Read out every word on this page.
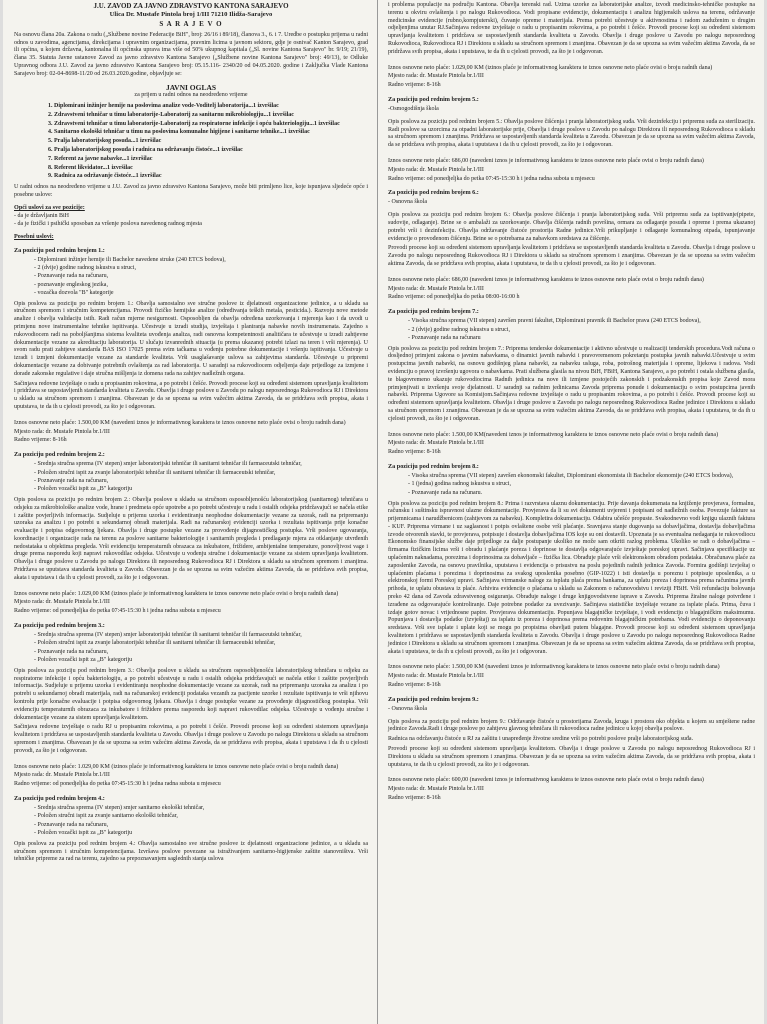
J.U. ZAVOD ZA JAVNO ZDRAVSTVO KANTONA SARAJEVO
Ulica Dr. Mustafe Pintola broj 1/III 71210 Ilidža-Sarajevo
S A R A J E V O

Na osnovu člana 20a. Zakona o radu („Službene novine Federacije BiH", broj: 26/16 i 89/18), članova 3., 6. i 7. Uredbe o postupku prijema u radni odnos u zavodima, agencijama, direkcijama i upravnim organizacijama, pravnim licima u javnom sektoru, gdje je osnivač Kanton Sarajevo, grad ili općina, u kojem državna, kantonalna ili općinska uprava ima više od 50% ukupnog kapitala („Sl. novine Kantona Sarajevo" br. 9/19; 21/19), člana 35. Statuta Javne ustanove Zavod za javno zdravstvo Kantona Sarajevo („Službene novine Kantona Sarajevo" broj: 49/13), te Odluke Upravnog odbora J.U. Zavod za javno zdravstvo Kantona Sarajevo broj: 05.15.116- 2340/20 od 04.05.2020. godine i Zaključka Vlade Kantona Sarajevo broj: 02-04-8698-11/20 od 26.03.2020.godine, objavljuje se:

JAVNI OGLAS
za prijem u radni odnos na neodređeno vrijeme
1. Diplomirani inžinjer hemije na poslovima analize vode-Voditelj laboratorija...1 izvršilac
2. Zdravstveni tehničar u timu laboratorije-Laboratorij za sanitarnu mikrobiologiju...1 izvršilac
3. Zdravstveni tehničar u timu laboratorije-Laboratorij za respiratorne infekcije i opću bakteriologiju...1 izvršilac
4. Sanitarno ekološki tehničar u timu na poslovima komunalne higijene i sanitarne tehnike...1 izvršilac
5. Pralja laboratorijskog posuđa...1 izvršilac
6. Pralja laboratorijskog posuđa i radnica na održavanju čistoće...1 izvršilac
7. Referent za javne nabavke...1 izvršilac
8. Referent likvidator...1 izvršilac
9. Radnica za održavanje čistoće...1 izvršilac

U radni odnos na neodređeno vrijeme u J.U. Zavod za javno zdravstvo Kantona Sarajevo, može biti primljeno lice, koje ispunjava sljedeće opće i posebne uslove:

Opći uslovi za sve pozicije:
- da je državljanin BiH
- da je fizički i psihički sposoban za vršenje poslova navedenog radnog mjesta
Posebni uslovi:
Za poziciju pod rednim brojem 1.:
- Diplomirani inžinjer hemije ili Bachelor navedene struke (240 ETCS bodova),
- 2 (dvije) godine radnog iskustva u struci,
- Poznavanje rada na računaru,
- poznavanje engleskog jezika,
- vozačka dozvola "B" kategorije

Opis poslova za poziciju po rednim brojem 1.: Obavlja samostalno sve stručne poslove iz djelatnosti organizacione jedinice, a u skladu sa stručnom spremom i stručnim kompetencijama. Provodi fizičko hemijske analize (određivanja teških metala, pesticida.). Razvoju nove metode analize i obavlja validaciju istih. Radi račun mjerne nesigurnosti. Osposobljen da obavlja određena uzorkovanja i mjerenja kao i da uvodi u primjenu nove instrumentalne tehnike ispitivanja. Učestvuje u izradi studija, izvještaja i planiranja nabavke novih instrumenata. Zajedno s rukovodiocem radi na poboljšanjima sistema kvaliteta uvođenja analiza, radi osnovna kompetentnosti analitičara te učestvuje u izradi zahtjevne dokumentacije vezane za akreditaciju laboratorija. U slučaju izvanrednih situacija (u prema ukazanoj potrebi izlazi na teren i vrši mjerenja). U svom radu prati zahtjeve standarda BAS ISO 17025 prema svim tačkama u vođenju potrebne dokumentacije i vršenju ispitivanja. Učestvuje u izradi i izmjeni dokumentacije vezane za standarde kvaliteta. Vrši usaglašavanje uslova sa zahtjevima standarda. Učestvuje u pripremi dokumentacije vezane za dobivanje potrebnih ovlaštenja za rad laboratorija. U saradnji sa rukovodiocem odjeljenja daje prijedloge za izmjene i dorade zakonske regulative i daje stručna mišljenja iz domena rada na zahtjev nadležnih organa.

Sačinjava redovne izvještaje o radu u propisanim rokovima, a po potrebi i češće. Provodi procese koji su određeni sistemom upravljanja kvalitetom i pridržava se uspostavljenih standarda kvaliteta u Zavodu. Obavlja i druge poslove u Zavodu po nalogu neposrednoga Rukovodioca RJ i Direktora u skladu sa stručnom spremom i znanjima. Obavezan je da se upozna sa svim važećim aktima Zavoda, da se pridržava svih propisa, akata i uputstava, te da ih u cjelosti provodi, za što je i odgovoran.

Iznos osnovne neto plaće: 1.500,00 KM (navedeni iznos je informativnog karaktera te iznos osnovne neto plaće ovisi o broju radnih dana)
Mjesto rada: dr. Mustafe Pintola br.1/III
Radno vrijeme: 8-16h
Za poziciju pod rednim brojem 2.:
- Srednja stručna sprema (IV stepen) smjer laboratorijski tehničar ili sanitarni tehničar ili farmaceutski tehničar,
- Položen stručni ispit za zvanje laboratorijski tehničar ili sanitarni tehničar ili farmaceutski tehničar,
- Poznavanje rada na računaru,
- Položen vozački ispit za „B" kategoriju

Opis poslova za poziciju po rednim brojem 2.: Obavlja poslove u skladu sa stručnom osposobljenošću laboratorijskog (sanitarnog) tehničara u odsjeku za mikrobiološke analize vode, hrane i predmeta opće upotrebe a po potrebi učestvuje u radu i ostalih odsjeka pridržavajući se načela etike i zaštite povjerljivih informacija. Sudjeluje u prijemu uzorka i evidentiranju neophodne dokumentacije vezane za uzorak, radi na pripremanju uzoraka za analizu i po potrebi u sekundarnoj obradi materijala. Radi na računarskoj evidenciji uzorka i rezultata ispitivanja prije konačne evaluacije i potpisa odgovornog ljekara. Obavlja i druge postupke vezane za provođenje dijagnostičkog postupka. Vrši poslove ugovaranja, koordinacije i organizacije rada na terenu za poslove sanitarne bakteriologije i sanitarnih pregleda i predlaganje mjera za otklanjanje utvrđenih nedostataka u objektima pregleda. Vrši evidenciju temperaturnih obrazaca za inkubatore, frižidere, ambijentalne temperature, ponovljivost vage i druge prema rasporedu koji napravi rukovodilac odsjeka. Učestvuje u vođenju stručne i dokumentacije vezane za sistem upravljanja kvalitetom. Obavlja i druge poslove u Zavodu po nalogu Direktora ili neposrednog Rukovodioca RJ i Direktora u skladu sa stručnom spremom i znanjima. Pridržava se uputstava standarda kvaliteta u Zavodu. Obavezan je da se upozna sa svim važećim aktima Zavoda, da se pridržava svih propisa, akata i uputstava i da ih u cjelosti provodi, za što je i odgovoran.

Iznos osnovne neto plaće: 1.029,00 KM (izinos plaće je informativnog karaktera te iznos osnovne neto plaće ovisi o broju radnih dana)
Mjesto rada: dr. Mustafe Pintola br.1/III
Radno vrijeme: od ponedjeljka do petka 07:45-15:30 h i jedna radna subota u mjesecu
Za poziciju pod rednim brojem 3.:
- Srednja stručna sprema (IV stepen) smjer laboratorijski tehničar ili sanitarni tehničar ili farmaceutski tehničar,
- Položen stručni ispit za zvanje laboratorijski tehničar ili sanitarni tehničar ili farmaceutski tehničar,
- Poznavanje rada na računaru,
- Položen vozački ispit za „B" kategoriju

Opis poslova za poziciju pod rednim brojem 3.: Obavlja poslove u skladu sa stručnom osposobljenošću laboratorijskog tehničara u odjeku za respiratorne infekcije i opću bakteriologiju, a po potrebi učestvuje u radu i ostalih odsjeka pridržavajući se načela etike i zaštite povjerljivih informacija. Sudjeluje u prijemu uzorka i evidentiranju neophodne dokumentacije vezane za uzorak, radi na pripremanju uzoraka za analizu i po potrebi u sekundarnoj obradi materijala, radi na računarskoj evidenciji podataka vezanih za pacijente uzorke i rezultate ispitivanja te vrši njihovu kontrolu prije konačne evaluacije i potpisa odgovornog ljekara. Obavlja i druge postupke vezane za provođenje dijagnostičkog postupka. Vrši evidenciju temperaturnih obrazaca za inkubatore i frižidere prema rasporedu koji napravi rukovodilac odsjeka. Učestvuje u vođenju stručne i dokumentacije vezane za sistem upravljanja kvalitetom.

Sačinjava redovne izvještaje o radu RJ u propisanim rokovima, a po potrebi i češće. Provodi procese koji su određeni sistemom upravljanja kvalitetom i pridržava se uspostavljenih standarda kvaliteta u Zavodu. Obavlja i druge poslove u Zavodu po nalogu Direktora u skladu sa stručnom spremom i znanjima. Obavezan je da se upozna sa svim važećim aktima Zavoda, da se pridržava svih propisa, akata i uputstava i da ih u cjelosti provodi, za što je i odgovoran.

Iznos osnovne neto plaće: 1.029,00 KM (izinos plaće je informativnog karaktera te iznos osnovne neto plaće ovisi o broju radnih dana)
Mjesto rada: dr. Mustafe Pintola br.1/III
Radno vrijeme: od ponedjeljka do petka 07:45-15:30 h i jedna radna subota u mjesecu
Za poziciju pod rednim brojem 4.:
- Srednja stručna sprema (IV stepen) smjer sanitarno ekološki tehničar,
- Položen stručni ispit za zvanje sanitarno ekološki tehničar,
- Poznavanje rada na računaru,
- Položen vozački ispit za „B" kategoriju

Opis poslova za poziciju pod rednim brojem 4.: Obavlja samostalno sve stručne poslove iz djelatnosti organizacione jedinice, a u skladu sa stručnom spremom i stručnim kompetencijama. Izvršava poslove povezane sa istraživanjem sanitarno-higijenske zaštite stanovništva. Vrši tehničke pripreme za rad na terenu, zajedno sa prepoznavanjem saglednih stanja uslova

i problema populacije na području Kantona. Obavlja terenski rad. Uzima uzorke za laboratorijske analize, izvodi medicinsko-tehničke postupke na terenu u okviru ovlaštenja i po nalogu Rukovodioca. Vodi propisane evidencije, dokumentaciju i analizu higijenskih uslova na terenu, održavanje medicinske evidencije (rubno,kompjuterski), čuvanje opreme i materijala. Prema potrebi učestvuje u aktivnostima i radom zaduženim u drugim odjeljenjima unutar RJ.Sačinjava redovne izvještaje o radu u propisanim rokovima, a po potrebi i češće. Provodi procese koji su određeni sistemom upravljanja kvalitetom i pridržava se uspostavljenih standarda kvaliteta u Zavodu. Obavlja i druge poslove u Zavodu po nalogu neposrednog Rukovodioca, Rukovodioca RJ i Direktora u skladu sa stručnom spremom i znanjima. Obavezan je da se upozna sa svim važećim aktima Zavoda, da se pridržava svih propisa, akata i uputstava, te da ih u cjelosti provodi, za što je i odgovoran.

Iznos osnovne neto plaće: 1.029,00 KM (izinos plaće je informativnog karaktera te iznos osnovne neto plaće ovisi o broju radnih dana)
Mjesto rada: dr. Mustafe Pintola br.1/III
Radno vrijeme: 8-16h
Za poziciju pod rednim brojem 5.:
-Osmogodišnja škola

Opis poslova za poziciju pod rednim brojem 5.: Obavlja poslove čišćenja i pranja laboratorijskog suđa. Vrši dezinfekciju i pripremu suđa za sterilizaciju. Radi poslove sa uzorcima za otpadni laboratorijske prije, Obavlja i druge poslove u Zavodu po nalogu Direktora ili neposrednog Rukovodioca u skladu sa stručnom spremom i znanjima. Pridržava se uspostavljenih standarda kvaliteta u Zavodu. Obavezan je da se upozna sa svim važećim aktima Zavoda, da se pridržava svih propisa, akata i uputstava i da ih u cjelosti provodi, za što je i odgovoran.

Iznos osnovne neto plaće: 686,00 (navedeni iznos je informativnog karaktera te iznos osnovne neto plaće ovisi o broju radnih dana)
Mjesto rada: dr. Mustafe Pintola br.1/III
Radno vrijeme: od ponedjeljka do petka 07:45-15:30 h i jedna radna subota u mjesecu
Za poziciju pod rednim brojem 6.:
- Osnovna škola

Opis poslova za poziciju pod rednim brojem 6.: Obavlja poslove čišćenja i pranja laboratorijskog suđa. Vrši pripremu suđa za ispitivanje(pipete, sudovije, odlaganje). Brine se o ambalaži za uzorkovanje. Obavlja čišćenja radnih površina, ormara za odlaganje posuđa i opreme i prema ukazanoj potrebi vrši i dezinfekciju. Obavlja održavanje čistoće prostorija Radne jedinice.Vrši prikupljanje i odlaganje komunalnog otpada, ispunjavanje evidencije o provođenom čišćenju. Brine se o potrebama za nabavkom sredstava za čišćenje.

Provodi procese koji su određeni sistemom upravljanja kvalitetom i pridržava se uspostavljenih standarda kvaliteta u Zavodu. Obavlja i druge poslove u Zavodu po nalogu neposrednog Rukovodioca RJ i Direktora u skladu sa stručnom spremom i znanjima. Obavezan je da se upozna sa svim važećim aktima Zavoda, da se pridržava svih propisa, akata i uputstava, te da ih u cjelosti provodi, za što je i odgovoran.

Iznos osnovne neto plaće: 686,00 (navedeni iznos je informativnog karaktera te iznos osnovne neto plaće ovisi o broju radnih dana)
Mjesto rada: dr. Mustafe Pintola br.1/III
Radno vrijeme: od ponedjeljka do petka 08:00-16:00 h
Za poziciju pod rednim brojem 7.:
- Visoka stručna sprema (VII stepen) završen pravni fakultet, Diplomirani pravnik ili Bachelor prava (240 ETCS bodova),
- 2 (dvije) godine radnog iskustva u struci,
- Poznavanje rada na računaru

Opis poslova za poziciju pod rednim brojem 7.: Priprema tenderske dokumentacije i aktivno učestvuje u realizaciji tenderskih procedura.Vodi računa o dosljednoj primjeni zakona o javnim nabavkama, o dinamici javnih nabavki i pravovremenom pokretanju postupka javnih nabavki.Učestvuje u svim postupcima javnih nabavki, na osnovu godišnjeg plana nabavki, za nabavku usluga, roba, potrošnog materijala i opreme, lijekova i radova. Vodi evidenciju o pravoj izvršenju ugovora o nabavkama. Prati službena glasila na nivou BiH, FBiH, Kantona Sarajevo, a po potrebi i ostala službena glasila, te blagovremeno ukazuje rukovodiocima Radnih jedinica na nove ili izmjene postojećih zakonskih i podzakonskih propisa koje Zavod mora primjenjivati u izvršenju svoje djelatnosti. U saradnji sa radnim jedinicama Zavoda priprema ponude i dokumentaciju o svim postupcima javnih nabavki. Priprema Ugovore sa Komisijom.Sačinjava redovne izvještaje o radu u propisanim rokovima, a po potrebi i češće. Provodi procese koji su određeni sistemom upravljanja kvalitetom. Obavlja i druge poslove u Zavodu po nalogu neposrednog Rukovodioca Radne jedinice i Direktora u skladu sa stručnom spremom i znanjima. Obavezan je da se upozna sa svim važećim aktima Zavoda, da se pridržava svih propisa, akata i uputstava, te da ih u cjelosti provodi, za što je i odgovoran.

Iznos osnovne neto plaće: 1.500,00 KM(navedeni iznos je informativnog karaktera te iznos osnovne neto plaće ovisi o broju radnih dana)
Mjesto rada: dr. Mustafe Pintola br.1/III
Radno vrijeme: 8-16h
Za poziciju pod rednim brojem 8.:
- Visoka stručna sprema (VII stepen) završen ekonomski fakultet, Diplomirani ekonomista ili Bachelor ekonomije (240 ETCS bodova),
- 1 (jedna) godina radnog iskustva u struci,
- Poznavanje rada na računaru.

Opis poslova za poziciju pod rednim brojem 8.: Prima i razvrstava ulaznu dokumentaciju. Prije davanja dokumenata na knjiženje provjerava, formalnu, računsku i suštinsku ispravnost ulazne dokumentacije. Provjerava da li su svi dokumenti uvjereni i potpisani od nadležnih osoba. Povezuje fakture sa prijemnicama i narudžbenicom (zahtjevom za nabavku). Kompletira dokumentaciju. Odabira učešće propuste. Svakodnevno vodi knjigu ulaznih faktura - KUF. Priprema virmane i uz saglasnost i potpis ovlaštene osobe vrši plaćanje. Sravnjava stanje dugovanja sa dobavljačima, dostavlja dobavljačima izvode otvorenih stavki, te provjerava, potpisuje i dostavlja dobavljačima IOS koje su oni dostavili. Upoznata je sa eventualna nedaganja te rukovodiocu Ekonomsko finansijske službe daje prijedloge za dalje postupanje ukoliko ne može sam otkriti razlog problema. Ukoliko se radi o dobavljačima – firmama fizičkim licima vrši i obradu i plaćanje poreza i doprinose te dostavlja odgovarajuće izvještaje poreskoj upravi. Sačinjava specifikacije uz uplaćenim naknadama, porezima i doprinosima za dobavljače – fizička lica. Obrađuje plaće vrši elektronskom obradom podataka. Obračunava plaće za zaposlenike Zavoda, na osnovu pravilnika, uputstava i evidencija o prisustvu na poslu pojedinih radnih jedinica Zavoda. Formira godišnji izvještaj o uplaćenim plaćama i porezima i doprinosima za svakog uposlenika posebno (GIP-1022) i isti dostavlja u poreznu i potpisuje uposlenika, a u elektronskoj formi Poreskoj upravi. Sačinjava virmanske naloge za isplatu plaća prema bankama, za uplatu poreza i doprinosa prema računima javnih prihoda, te uplatu obustava iz plaće. Arhivira evidencije o plaćama u skladu sa Zakonom o računovodstvu i reviziji FBiH. Vrši refundaciju bolovanja preko 42 dana od Zavoda zdravstvenog osiguranja. Obrađuje naloge i druge knjigovodstvene isprave u Zavodu. Priprema žiralne naloge potvrđene i izrađene za odgovarajuće kontroliranje. Daje potrebne podatke za uvezivanje. Sačinjava statističke izvještaje vezane za isplate plaća. Prima, čuva i izdaje gotov novac i vrijednosne papire. Provjerava dokumentaciju. Popunjava blagajničke izvještaje, i vodi evidenciju o blagajničkim maksimumu. Popunjava i dostavlja podatke (izvještaj) za isplatu iz poreza i doprinosa prema redovnim blagajničkim potrebama. Vodi evidenciju o deponovanju sredstava. Vrši sve isplate i uplate koji se mogu po propisima obavljati putem blagajne. Provodi procese koji su određeni sistemom upravljanja kvalitetom i pridržava se uspostavljenih standarda kvaliteta u Zavodu. Obavlja i druge poslove u Zavodu po nalogu neposrednog Rukovodioca Radne jedinice i Direktora u skladu sa stručnom spremom i znanjima. Obavezan je da se upozna sa svim važećim aktima Zavoda, da se pridržava svih propisa, akata i uputstava, te da ih u cjelosti provodi, za što je i odgovoran.

Iznos osnovne neto plaće: 1.500,00 KM (navedeni iznos je informativnog karaktera te iznos osnovne neto plaće ovisi o broju radnih dana)
Mjesto rada: dr. Mustafe Pintola br.1/III
Radno vrijeme: 8-16h
Za poziciju pod rednim brojem 9.:
- Osnovna škola

Opis poslova za poziciju pod rednim brojem 9.: Održavanje čistoće u prostorijama Zavoda, kruga i prostora oko objekta u kojem su smještene radne jedinice Zavoda.Radi i druge poslove po zahtjevu glavnog tehničara ili rukovodioca radne jedinice u kojoj obavlja poslove.

Radnica na održavanju čistoće u RJ za zaštitu i unapređenje životne sredine vrši po potrebi poslove pralje laboratorijskog suđa.

Provodi procese koji su određeni sistemom upravljanja kvalitetom. Obavlja i druge poslove u Zavodu po nalogu neposrednog Rukovodioca RJ i Direktora u skladu sa stručnom spremom i znanjima. Obavezan je da se upozna sa svim važećim aktima Zavoda, da se pridržava svih propisa, akata i uputstava, te da ih u cjelosti provodi, za što je i odgovoran.

Iznos osnovne neto plaće: 600,00 (navedeni iznos je informativnog karaktera te iznos osnovne neto plaće ovisi o broju radnih dana)
Mjesto rada: dr. Mustafe Pintola br.1/III
Radno vrijeme: 8-16h
